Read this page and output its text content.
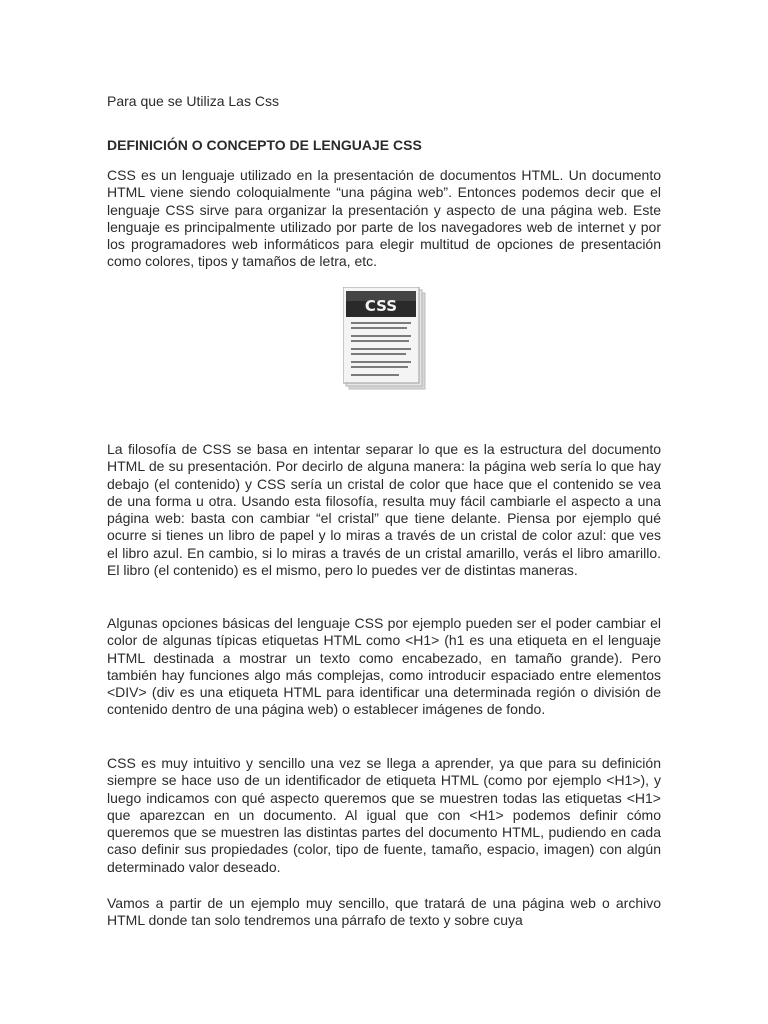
Para que se Utiliza Las Css

DEFINICIÓN O CONCEPTO DE LENGUAJE CSS

CSS es un lenguaje utilizado en la presentación de documentos HTML. Un documento HTML viene siendo coloquialmente “una página web”. Entonces podemos decir que el lenguaje CSS sirve para organizar la presentación y aspecto de una página web. Este lenguaje es principalmente utilizado por parte de los navegadores web de internet y por los programadores web informáticos para elegir multitud de opciones de presentación como colores, tipos y tamaños de letra, etc.

CSS

La filosofía de CSS se basa en intentar separar lo que es la estructura del documento HTML de su presentación. Por decirlo de alguna manera: la página web sería lo que hay debajo (el contenido) y CSS sería un cristal de color que hace que el contenido se vea de una forma u otra. Usando esta filosofía, resulta muy fácil cambiarle el aspecto a una página web: basta con cambiar “el cristal” que tiene delante. Piensa por ejemplo qué ocurre si tienes un libro de papel y lo miras a través de un cristal de color azul: que ves el libro azul. En cambio, si lo miras a través de un cristal amarillo, verás el libro amarillo. El libro (el contenido) es el mismo, pero lo puedes ver de distintas maneras.

Algunas opciones básicas del lenguaje CSS por ejemplo pueden ser el poder cambiar el color de algunas típicas etiquetas HTML como <H1> (h1 es una etiqueta en el lenguaje HTML destinada a mostrar un texto como encabezado, en tamaño grande). Pero también hay funciones algo más complejas, como introducir espaciado entre elementos <DIV> (div es una etiqueta HTML para identificar una determinada región o división de contenido dentro de una página web) o establecer imágenes de fondo.

CSS es muy intuitivo y sencillo una vez se llega a aprender, ya que para su definición siempre se hace uso de un identificador de etiqueta HTML (como por ejemplo <H1>), y luego indicamos con qué aspecto queremos que se muestren todas las etiquetas <H1> que aparezcan en un documento. Al igual que con <H1> podemos definir cómo queremos que se muestren las distintas partes del documento HTML, pudiendo en cada caso definir sus propiedades (color, tipo de fuente, tamaño, espacio, imagen) con algún determinado valor deseado.

Vamos a partir de un ejemplo muy sencillo, que tratará de una página web o archivo HTML donde tan solo tendremos una párrafo de texto y sobre cuya
